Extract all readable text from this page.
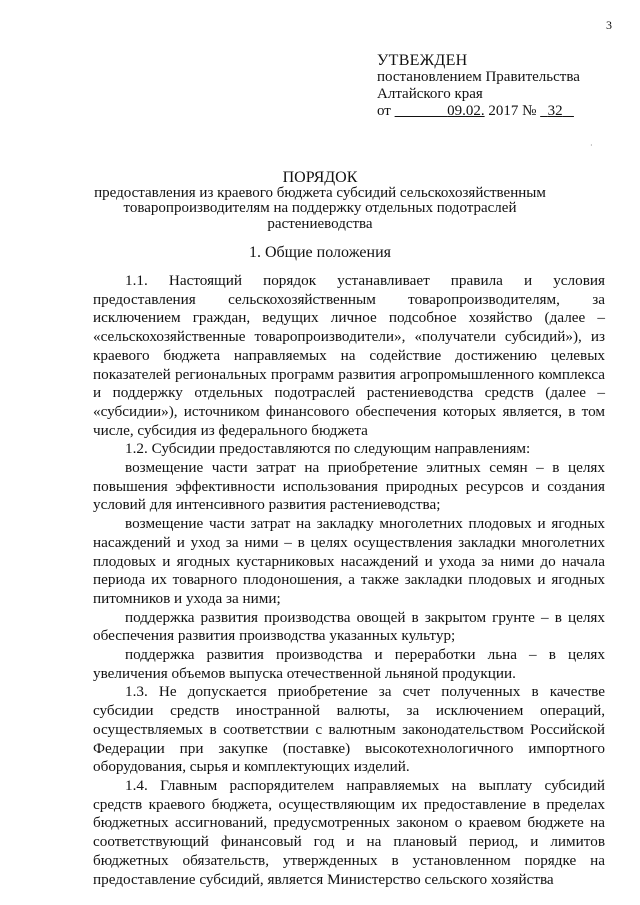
3
УТВЕЖДЕН
постановлением Правительства
Алтайского края
от	09.02. 2017 № 32
·
ПОРЯДОК
предоставления из краевого бюджета субсидий сельскохозяйственным
товаропроизводителям на поддержку отдельных подотраслей
растениеводства
1. Общие положения

1.1. Настоящий порядок устанавливает правила и условия предоставления сельскохозяйственным товаропроизводителям, за исключением граждан, ведущих личное подсобное хозяйство (далее – «сельскохозяйственные товаропроизводители», «получатели субсидий»), из краевого бюджета направляемых на содействие достижению целевых показателей региональных программ развития агропромышленного комплекса и поддержку отдельных подотраслей растениеводства средств (далее – «субсидии»), источником финансового обеспечения которых является, в том числе, субсидия из федерального бюджета

1.2. Субсидии предоставляются по следующим направлениям:

возмещение части затрат на приобретение элитных семян – в целях повышения эффективности использования природных ресурсов и создания условий для интенсивного развития растениеводства;

возмещение части затрат на закладку многолетних плодовых и ягодных насаждений и уход за ними – в целях осуществления закладки многолетних плодовых и ягодных кустарниковых насаждений и ухода за ними до начала периода их товарного плодоношения, а также закладки плодовых и ягодных питомников и ухода за ними;

поддержка развития производства овощей в закрытом грунте – в целях обеспечения развития производства указанных культур;

поддержка развития производства и переработки льна – в целях увеличения объемов выпуска отечественной льняной продукции.

1.3. Не допускается приобретение за счет полученных в качестве субсидии средств иностранной валюты, за исключением операций, осуществляемых в соответствии с валютным законодательством Российской Федерации при закупке (поставке) высокотехнологичного импортного оборудования, сырья и комплектующих изделий.

1.4. Главным распорядителем направляемых на выплату субсидий средств краевого бюджета, осуществляющим их предоставление в пределах бюджетных ассигнований, предусмотренных законом о краевом бюджете на соответствующий финансовый год и на плановый период, и лимитов бюджетных обязательств, утвержденных в установленном порядке на предоставление субсидий, является Министерство сельского хозяйства
